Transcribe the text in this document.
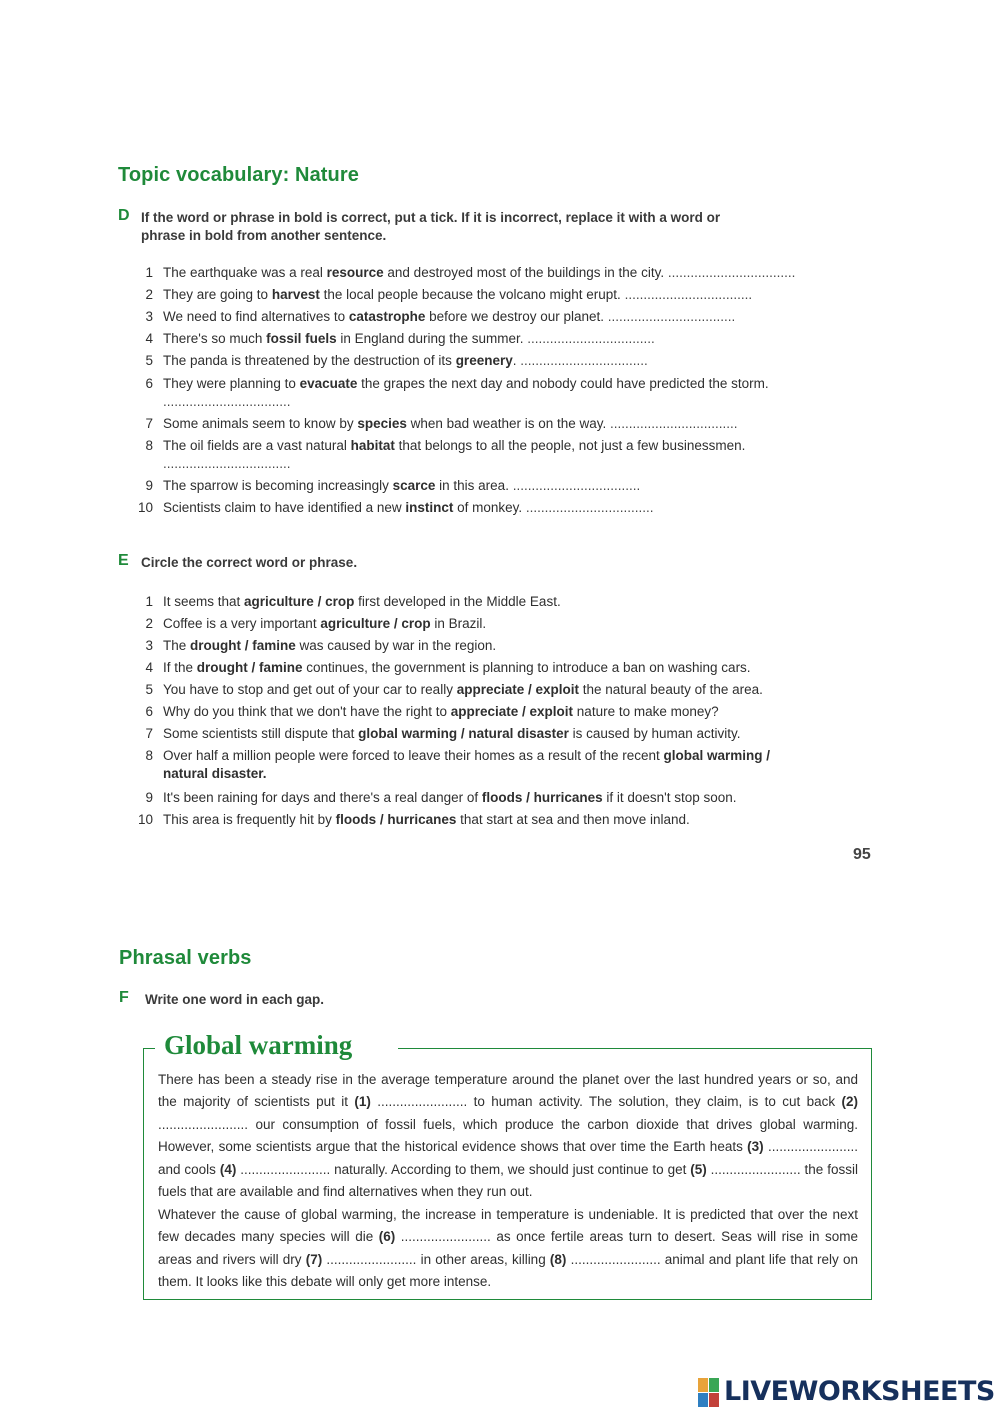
Topic vocabulary: Nature
D If the word or phrase in bold is correct, put a tick. If it is incorrect, replace it with a word or
phrase in bold from another sentence.
1 The earthquake was a real resource and destroyed most of the buildings in the city. ..................................
2 They are going to harvest the local people because the volcano might erupt. ..................................
3 We need to find alternatives to catastrophe before we destroy our planet. ..................................
4 There's so much fossil fuels in England during the summer. ..................................
5 The panda is threatened by the destruction of its greenery. ..................................
6 They were planning to evacuate the grapes the next day and nobody could have predicted the storm.
..................................
7 Some animals seem to know by species when bad weather is on the way. ..................................
8 The oil fields are a vast natural habitat that belongs to all the people, not just a few businessmen.
..................................
9 The sparrow is becoming increasingly scarce in this area. ..................................
10 Scientists claim to have identified a new instinct of monkey. ..................................
E Circle the correct word or phrase.
1 It seems that agriculture / crop first developed in the Middle East.
2 Coffee is a very important agriculture / crop in Brazil.
3 The drought / famine was caused by war in the region.
4 If the drought / famine continues, the government is planning to introduce a ban on washing cars.
5 You have to stop and get out of your car to really appreciate / exploit the natural beauty of the area.
6 Why do you think that we don't have the right to appreciate / exploit nature to make money?
7 Some scientists still dispute that global warming / natural disaster is caused by human activity.
8 Over half a million people were forced to leave their homes as a result of the recent global warming /
natural disaster.
9 It's been raining for days and there's a real danger of floods / hurricanes if it doesn't stop soon.
10 This area is frequently hit by floods / hurricanes that start at sea and then move inland.
95
Phrasal verbs
F Write one word in each gap.
Global warming
There has been a steady rise in the average temperature around the planet over the last hundred years or so, and the majority of scientists put it (1) ........................ to human activity. The solution, they claim, is to cut back (2) ........................ our consumption of fossil fuels, which produce the carbon dioxide that drives global warming. However, some scientists argue that the historical evidence shows that over time the Earth heats (3) ........................ and cools (4) ........................ naturally. According to them, we should just continue to get (5) ........................ the fossil fuels that are available and find alternatives when they run out.
Whatever the cause of global warming, the increase in temperature is undeniable. It is predicted that over the next few decades many species will die (6) ........................ as once fertile areas turn to desert. Seas will rise in some areas and rivers will dry (7) ........................ in other areas, killing (8) ........................ animal and plant life that rely on them. It looks like this debate will only get more intense.
LIVEWORKSHEETS
